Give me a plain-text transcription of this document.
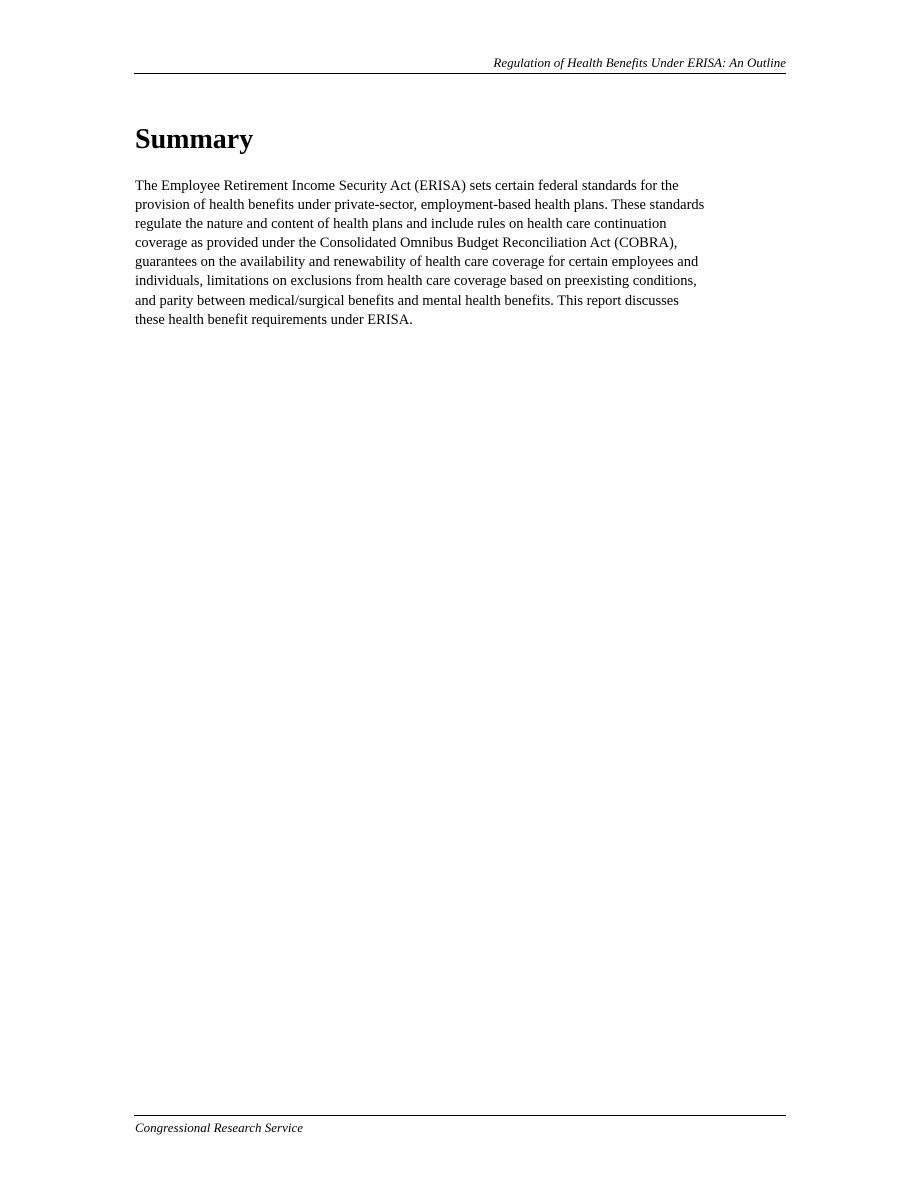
Regulation of Health Benefits Under ERISA: An Outline
Summary

The Employee Retirement Income Security Act (ERISA) sets certain federal standards for the
provision of health benefits under private-sector, employment-based health plans. These standards
regulate the nature and content of health plans and include rules on health care continuation
coverage as provided under the Consolidated Omnibus Budget Reconciliation Act (COBRA),
guarantees on the availability and renewability of health care coverage for certain employees and
individuals, limitations on exclusions from health care coverage based on preexisting conditions,
and parity between medical/surgical benefits and mental health benefits. This report discusses
these health benefit requirements under ERISA.

Congressional Research Service
